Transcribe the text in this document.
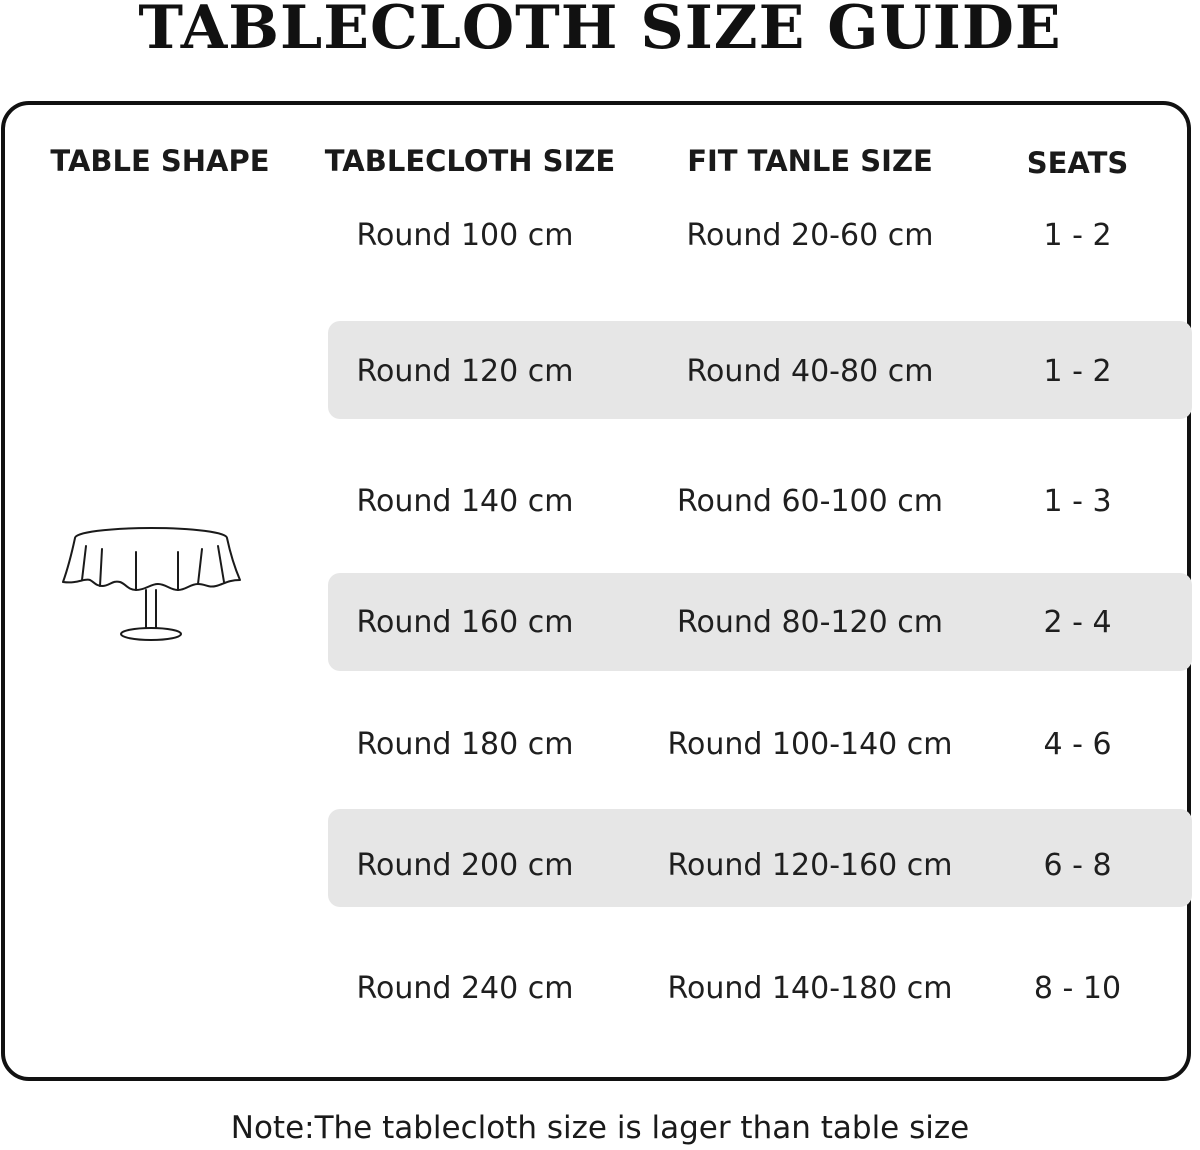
TABLECLOTH SIZE GUIDE
TABLE SHAPE	TABLECLOTH SIZE	FIT TANLE SIZE	SEATS
Round 100 cm	Round 20-60 cm	1 - 2
Round 120 cm	Round 40-80 cm	1 - 2
Round 140 cm	Round 60-100 cm	1 - 3
Round 160 cm	Round 80-120 cm	2 - 4
Round 180 cm	Round 100-140 cm	4 - 6
Round 200 cm	Round 120-160 cm	6 - 8
Round 240 cm	Round 140-180 cm	8 - 10
Note:The tablecloth size is lager than table size
